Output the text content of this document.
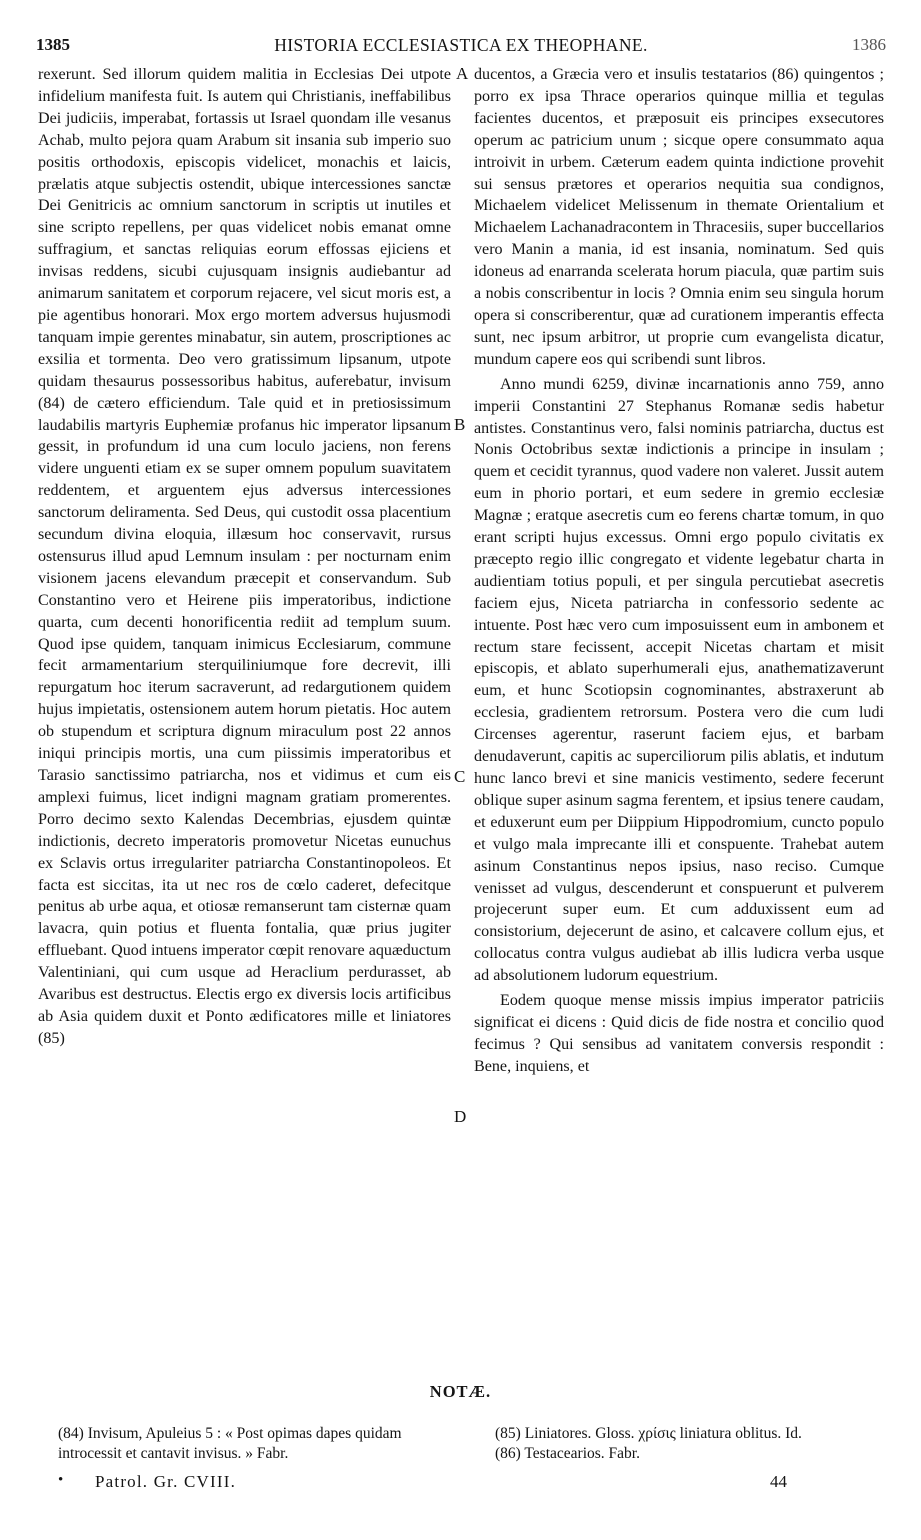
1385	HISTORIA ECCLESIASTICA EX THEOPHANE.	1386

rexerunt. Sed illorum quidem malitia in Ecclesias Dei utpote infidelium manifesta fuit. Is autem qui Christianis, ineffabilibus Dei judiciis, imperabat, fortassis ut Israel quondam ille vesanus Achab, multo pejora quam Arabum sit insania sub imperio suo positis orthodoxis, episcopis videlicet, monachis et laicis, prælatis atque subjectis ostendit, ubique intercessiones sanctæ Dei Genitricis ac omnium sanctorum in scriptis ut inutiles et sine scripto repellens, per quas videlicet nobis emanat omne suffragium, et sanctas reliquias eorum effossas ejiciens et invisas reddens, sicubi cujusquam insignis audiebantur ad animarum sanitatem et corporum rejacere, vel sicut moris est, a pie agentibus honorari. Mox ergo mortem adversus hujusmodi tanquam impie gerentes minabatur, sin autem, proscriptiones ac exsilia et tormenta. Deo vero gratissimum lipsanum, utpote quidam thesaurus possessoribus habitus, auferebatur, invisum (84) de cætero efficiendum. Tale quid et in pretiosissimum laudabilis martyris Euphemiæ profanus hic imperator lipsanum gessit, in profundum id una cum loculo jaciens, non ferens videre unguenti etiam ex se super omnem populum suavitatem reddentem, et arguentem ejus adversus intercessiones sanctorum deliramenta. Sed Deus, qui custodit ossa placentium secundum divina eloquia, illæsum hoc conservavit, rursus ostensurus illud apud Lemnum insulam : per nocturnam enim visionem jacens elevandum præcepit et conservandum. Sub Constantino vero et Heirene piis imperatoribus, indictione quarta, cum decenti honorificentia rediit ad templum suum. Quod ipse quidem, tanquam inimicus Ecclesiarum, commune fecit armamentarium sterquiliniumque fore decrevit, illi repurgatum hoc iterum sacraverunt, ad redargutionem quidem hujus impietatis, ostensionem autem horum pietatis. Hoc autem ob stupendum et scriptura dignum miraculum post 22 annos iniqui principis mortis, una cum piissimis imperatoribus et Tarasio sanctissimo patriarcha, nos et vidimus et cum eis amplexi fuimus, licet indigni magnam gratiam promerentes. Porro decimo sexto Kalendas Decembrias, ejusdem quintæ indictionis, decreto imperatoris promovetur Nicetas eunuchus ex Sclavis ortus irregulariter patriarcha Constantinopoleos. Et facta est siccitas, ita ut nec ros de cœlo caderet, defecitque penitus ab urbe aqua, et otiosæ remanserunt tam cisternæ quam lavacra, quin potius et fluenta fontalia, quæ prius jugiter effluebant. Quod intuens imperator cœpit renovare aquæductum Valentiniani, qui cum usque ad Heraclium perdurasset, ab Avaribus est destructus. Electis ergo ex diversis locis artificibus ab Asia quidem duxit et Ponto ædificatores mille et liniatores (85)

A
B
C
D

ducentos, a Græcia vero et insulis testatarios (86) quingentos ; porro ex ipsa Thrace operarios quinque millia et tegulas facientes ducentos, et præposuit eis principes exsecutores operum ac patricium unum ; sicque opere consummato aqua introivit in urbem. Cæterum eadem quinta indictione provehit sui sensus prætores et operarios nequitia sua condignos, Michaelem videlicet Melissenum in themate Orientalium et Michaelem Lachanadracontem in Thracesiis, super buccellarios vero Manin a mania, id est insania, nominatum. Sed quis idoneus ad enarranda scelerata horum piacula, quæ partim suis a nobis conscribentur in locis ? Omnia enim seu singula horum opera si conscriberentur, quæ ad curationem imperantis effecta sunt, nec ipsum arbitror, ut proprie cum evangelista dicatur, mundum capere eos qui scribendi sunt libros.

Anno mundi 6259, divinæ incarnationis anno 759, anno imperii Constantini 27 Stephanus Romanæ sedis habetur antistes. Constantinus vero, falsi nominis patriarcha, ductus est Nonis Octobribus sextæ indictionis a principe in insulam ; quem et cecidit tyrannus, quod vadere non valeret. Jussit autem eum in phorio portari, et eum sedere in gremio ecclesiæ Magnæ ; eratque asecretis cum eo ferens chartæ tomum, in quo erant scripti hujus excessus. Omni ergo populo civitatis ex præcepto regio illic congregato et vidente legebatur charta in audientiam totius populi, et per singula percutiebat asecretis faciem ejus, Niceta patriarcha in confessorio sedente ac intuente. Post hæc vero cum imposuissent eum in ambonem et rectum stare fecissent, accepit Nicetas chartam et misit episcopis, et ablato superhumerali ejus, anathematizaverunt eum, et hunc Scotiopsin cognominantes, abstraxerunt ab ecclesia, gradientem retrorsum. Postera vero die cum ludi Circenses agerentur, raserunt faciem ejus, et barbam denudaverunt, capitis ac superciliorum pilis ablatis, et indutum hunc lanco brevi et sine manicis vestimento, sedere fecerunt oblique super asinum sagma ferentem, et ipsius tenere caudam, et eduxerunt eum per Diippium Hippodromium, cuncto populo et vulgo mala imprecante illi et conspuente. Trahebat autem asinum Constantinus nepos ipsius, naso reciso. Cumque venisset ad vulgus, descenderunt et conspuerunt et pulverem projecerunt super eum. Et cum adduxissent eum ad consistorium, dejecerunt de asino, et calcavere collum ejus, et collocatus contra vulgus audiebat ab illis ludicra verba usque ad absolutionem ludorum equestrium.

Eodem quoque mense missis impius imperator patriciis significat ei dicens : Quid dicis de fide nostra et concilio quod fecimus ? Qui sensibus ad vanitatem conversis respondit : Bene, inquiens, et

NOTÆ.
(84) Invisum, Apuleius 5 : « Post opimas dapes quidam introcessit et cantavit invisus. » Fabr.
(85) Liniatores. Gloss. χρίσις liniatura oblitus. Id.
(86) Testacearios. Fabr.
• Patrol. Gr. CVIII.	44
